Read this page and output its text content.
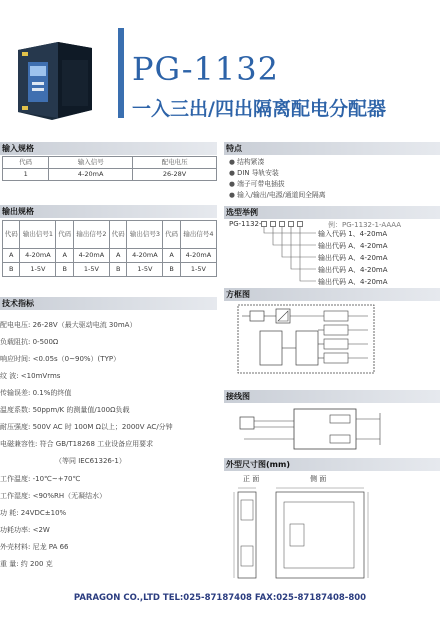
PG-1132
一入三出/四出隔离配电分配器
输入规格
代码	输入信号	配电电压
1	4-20mA	26-28V
输出规格
代码	输出信号1	代码	输出信号2	代码	输出信号3	代码	输出信号4
A	4-20mA	A	4-20mA	A	4-20mA	A	4-20mA
B	1-5V	B	1-5V	B	1-5V	B	1-5V
技术指标
配电电压: 26-28V（最大驱动电流 30mA）
负载阻抗: 0-500Ω
响应时间: <0.05s（0~90%）(TYP）
纹 波: <10mVrms
传输误差: 0.1%的终值
温度系数: 50ppm/K 的测量值/100Ω负载
耐压强度: 500V AC 时 100M Ω以上；2000V AC/分钟
电磁兼容性: 符合 GB/T18268 工业设备应用要求
（等同 IEC61326-1）
工作温度: -10℃~+70℃
工作湿度: <90%RH（无凝结水）
功 耗: 24VDC±10%
功耗功率: <2W
外壳材料: 尼龙 PA 66
重 量: 约 200 克
特点
● 结构紧凑
● DIN 导轨安装
● 端子可带电插拔
● 输入/输出/电源/通道间全隔离
选型举例
PG-1132-	例：PG-1132-1-AAAA
输入代码 1、4-20mA
输出代码 A、4-20mA
输出代码 A、4-20mA
输出代码 A、4-20mA
输出代码 A、4-20mA
方框图
接线图
外型尺寸图(mm)
正 面	侧 面
PARAGON CO.,LTD TEL:025-87187408 FAX:025-87187408-800
